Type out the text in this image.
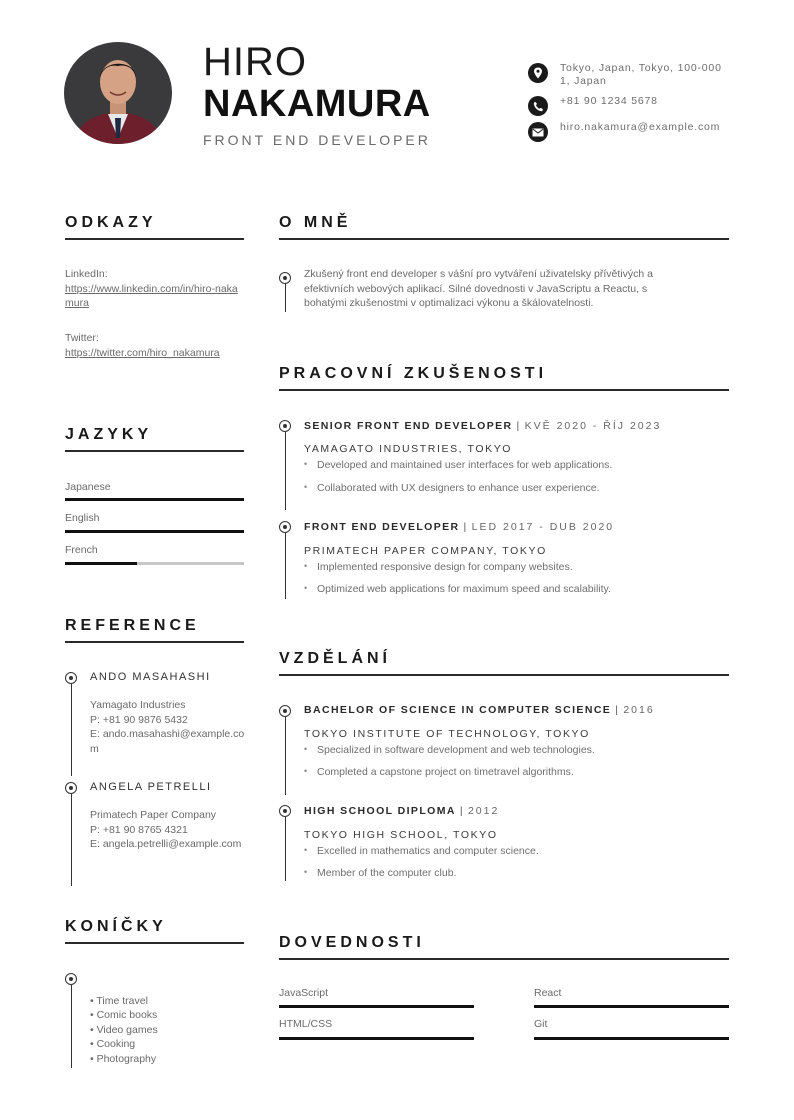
HIRO
NAKAMURA
FRONT END DEVELOPER
Tokyo, Japan, Tokyo, 100-0001, Japan
+81 90 1234 5678
hiro.nakamura@example.com
ODKAZY
LinkedIn:
https://www.linkedin.com/in/hiro-nakamura
Twitter:
https://twitter.com/hiro_nakamura
JAZYKY
Japanese
English
French
REFERENCE
ANDO MASAHASHI
Yamagato Industries
P: +81 90 9876 5432
E: ando.masahashi@example.com
ANGELA PETRELLI
Primatech Paper Company
P: +81 90 8765 4321
E: angela.petrelli@example.com
KONÍČKY
• Time travel
• Comic books
• Video games
• Cooking
• Photography
O MNĚ
Zkušený front end developer s vášní pro vytváření uživatelsky přívětivých a
efektivních webových aplikací. Silné dovednosti v JavaScriptu a Reactu, s
bohatými zkušenostmi v optimalizaci výkonu a škálovatelnosti.
PRACOVNÍ ZKUŠENOSTI
SENIOR FRONT END DEVELOPER | KVĚ 2020 - ŘÍJ 2023
YAMAGATO INDUSTRIES, TOKYO
• Developed and maintained user interfaces for web applications.
• Collaborated with UX designers to enhance user experience.
FRONT END DEVELOPER | LED 2017 - DUB 2020
PRIMATECH PAPER COMPANY, TOKYO
• Implemented responsive design for company websites.
• Optimized web applications for maximum speed and scalability.
VZDĚLÁNÍ
BACHELOR OF SCIENCE IN COMPUTER SCIENCE | 2016
TOKYO INSTITUTE OF TECHNOLOGY, TOKYO
• Specialized in software development and web technologies.
• Completed a capstone project on timetravel algorithms.
HIGH SCHOOL DIPLOMA | 2012
TOKYO HIGH SCHOOL, TOKYO
• Excelled in mathematics and computer science.
• Member of the computer club.
DOVEDNOSTI
JavaScript	React
HTML/CSS	Git
